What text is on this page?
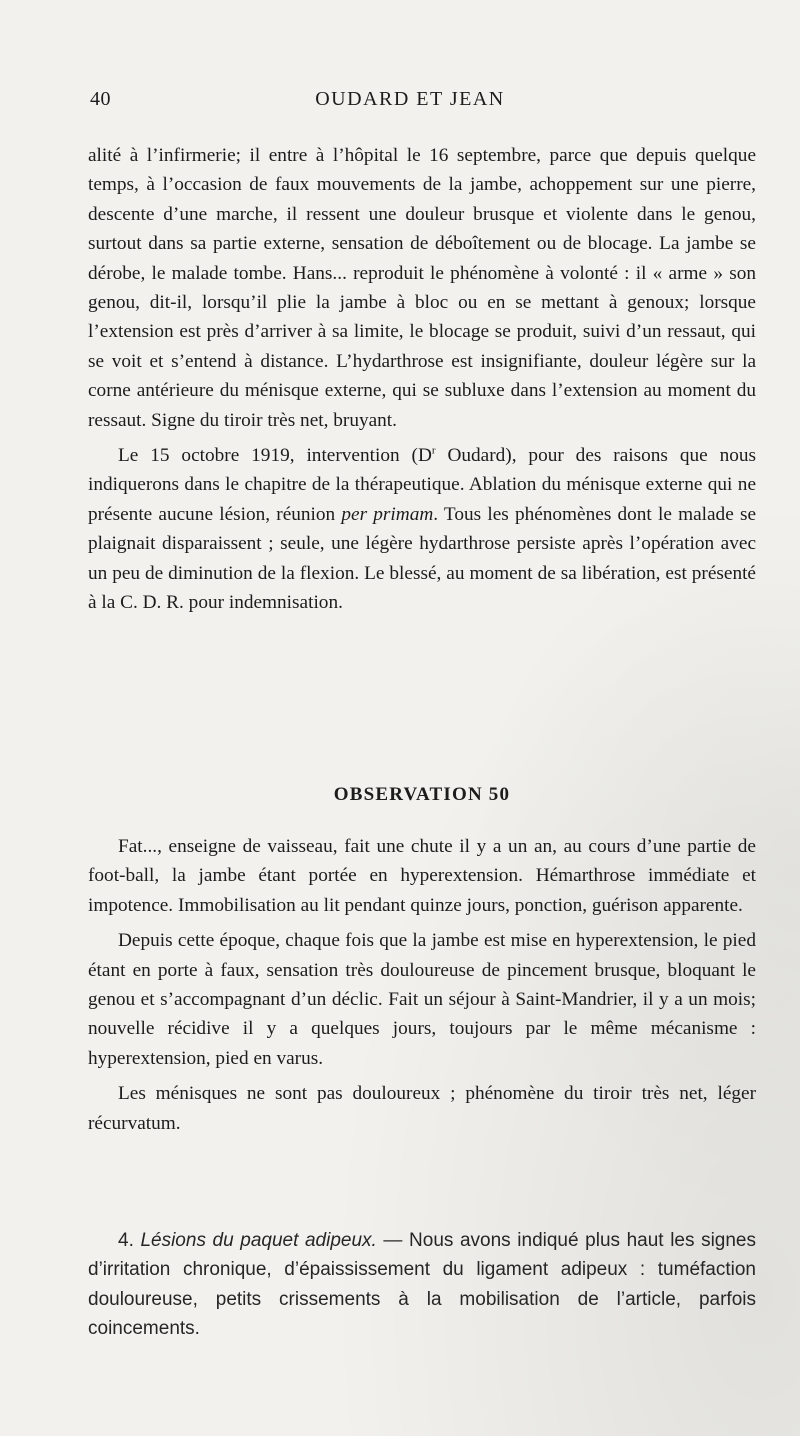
40	OUDARD ET JEAN

alité à l’infirmerie; il entre à l’hôpital le 16 septembre, parce que depuis quelque temps, à l’occasion de faux mouvements de la jambe, achoppement sur une pierre, descente d’une marche, il ressent une douleur brusque et violente dans le genou, surtout dans sa partie externe, sensation de déboîtement ou de blocage. La jambe se dérobe, le malade tombe. Hans... reproduit le phénomène à volonté : il « arme » son genou, dit-il, lorsqu’il plie la jambe à bloc ou en se mettant à genoux; lorsque l’extension est près d’arriver à sa limite, le blocage se produit, suivi d’un ressaut, qui se voit et s’entend à distance. L’hydarthrose est insignifiante, douleur légère sur la corne antérieure du ménisque externe, qui se subluxe dans l’extension au moment du ressaut. Signe du tiroir très net, bruyant.

Le 15 octobre 1919, intervention ($D^r$ Oudard), pour des raisons que nous indiquerons dans le chapitre de la thérapeutique. Ablation du ménisque externe qui ne présente aucune lésion, réunion per primam. Tous les phénomènes dont le malade se plaignait disparaissent ; seule, une légère hydarthrose persiste après l’opération avec un peu de diminution de la flexion. Le blessé, au moment de sa libération, est présenté à la C. D. R. pour indemnisation.

OBSERVATION 50

Fat..., enseigne de vaisseau, fait une chute il y a un an, au cours d’une partie de foot-ball, la jambe étant portée en hyperextension. Hémarthrose immédiate et impotence. Immobilisation au lit pendant quinze jours, ponction, guérison apparente.

Depuis cette époque, chaque fois que la jambe est mise en hyperextension, le pied étant en porte à faux, sensation très douloureuse de pincement brusque, bloquant le genou et s’accompagnant d’un déclic. Fait un séjour à Saint-Mandrier, il y a un mois; nouvelle récidive il y a quelques jours, toujours par le même mécanisme : hyperextension, pied en varus.

Les ménisques ne sont pas douloureux ; phénomène du tiroir très net, léger récurvatum.

4. Lésions du paquet adipeux. — Nous avons indiqué plus haut les signes d’irritation chronique, d’épaississement du ligament adipeux : tuméfaction douloureuse, petits crissements à la mobilisation de l’article, parfois coincements.
